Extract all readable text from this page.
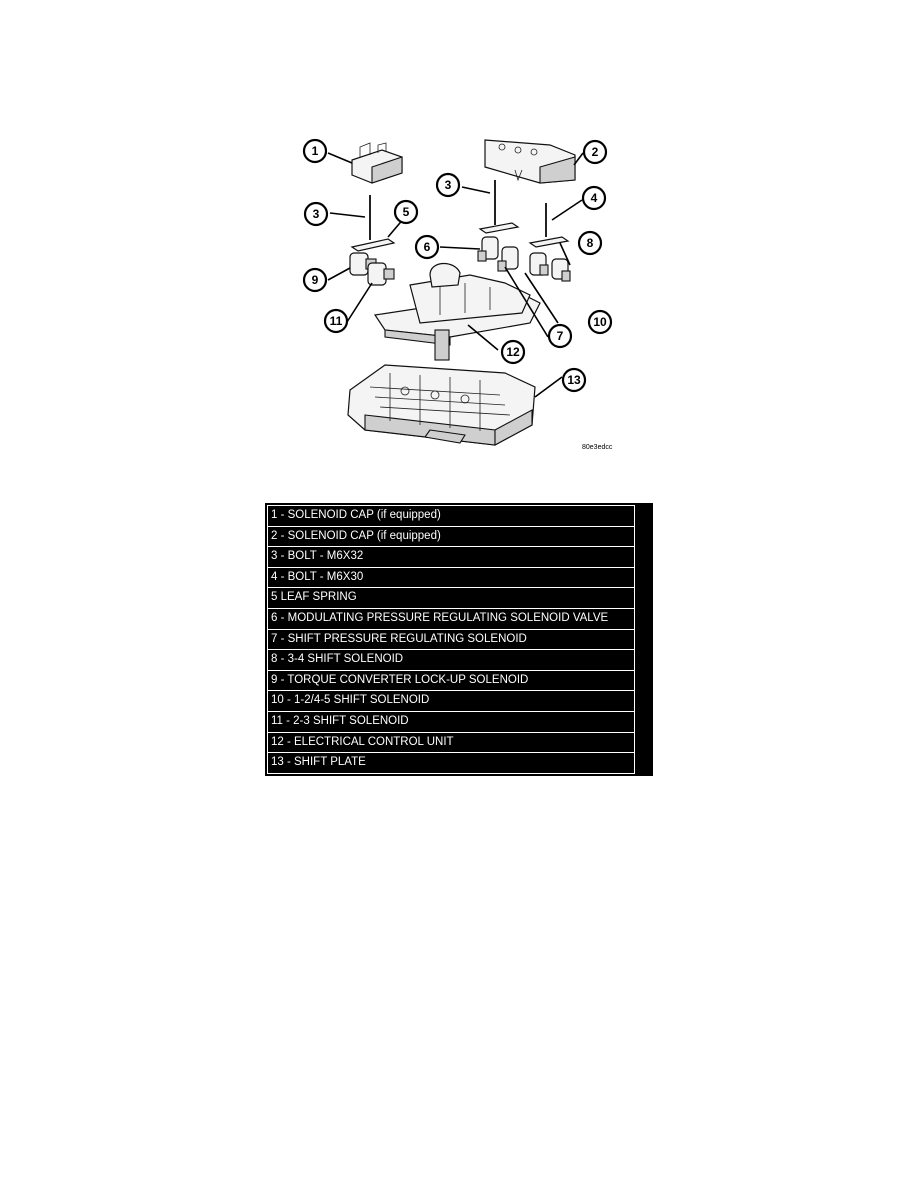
1	2
3
3
4
5
6
7
8
9
10
11
12
13
80e3edcc
1 - SOLENOID CAP (if equipped)
2 - SOLENOID CAP (if equipped)
3 - BOLT - M6X32
4 - BOLT - M6X30
5 LEAF SPRING
6 - MODULATING PRESSURE REGULATING SOLENOID VALVE
7 - SHIFT PRESSURE REGULATING SOLENOID
8 - 3-4 SHIFT SOLENOID
9 - TORQUE CONVERTER LOCK-UP SOLENOID
10 - 1-2/4-5 SHIFT SOLENOID
11 - 2-3 SHIFT SOLENOID
12 - ELECTRICAL CONTROL UNIT
13 - SHIFT PLATE
